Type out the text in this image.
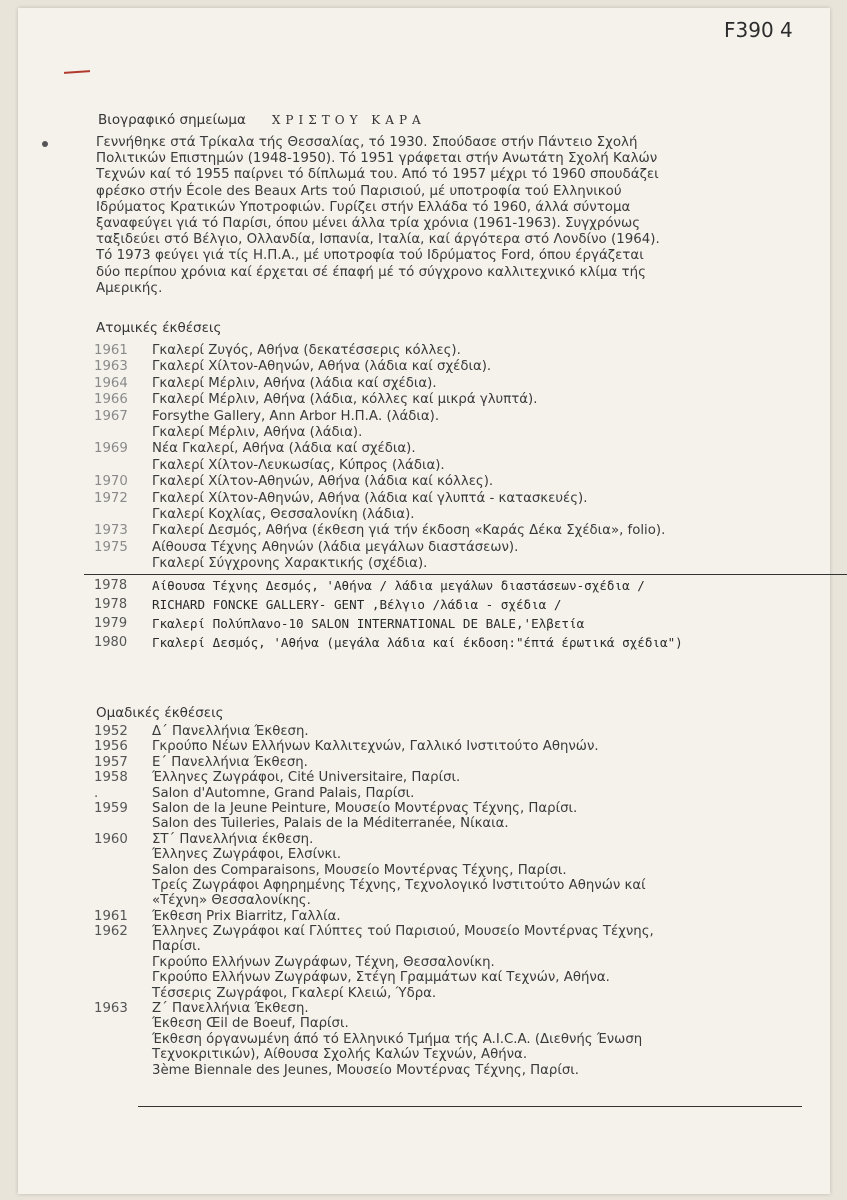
F390 4
Βιογραφικό σημείωμα ΧΡΙΣΤΟΥ ΚΑΡΑ
Γεννήθηκε στά Τρίκαλα τής Θεσσαλίας, τό 1930. Σπούδασε στήν Πάντειο Σχολή
Πολιτικών Επιστημών (1948-1950). Τό 1951 γράφεται στήν Ανωτάτη Σχολή Καλών
Τεχνών καί τό 1955 παίρνει τό δίπλωμά του. Από τό 1957 μέχρι τό 1960 σπουδάζει
φρέσκο στήν École des Beaux Arts τού Παρισιού, μέ υποτροφία τού Ελληνικού
Ιδρύματος Κρατικών Υποτροφιών. Γυρίζει στήν Ελλάδα τό 1960, άλλά σύντομα
ξαναφεύγει γιά τό Παρίσι, όπου μένει άλλα τρία χρόνια (1961-1963). Συγχρόνως
ταξιδεύει στό Βέλγιο, Ολλανδία, Ισπανία, Ιταλία, καί άργότερα στό Λονδίνο (1964).
Τό 1973 φεύγει γιά τίς Η.Π.Α., μέ υποτροφία τού Ιδρύματος Ford, όπου έργάζεται
δύο περίπου χρόνια καί έρχεται σέ έπαφή μέ τό σύγχρονο καλλιτεχνικό κλίμα τής
Αμερικής.
Ατομικές έκθέσεις
1961	Γκαλερί Ζυγός, Αθήνα (δεκατέσσερις κόλλες).
1963	Γκαλερί Χίλτον-Αθηνών, Αθήνα (λάδια καί σχέδια).
1964	Γκαλερί Μέρλιν, Αθήνα (λάδια καί σχέδια).
1966	Γκαλερί Μέρλιν, Αθήνα (λάδια, κόλλες καί μικρά γλυπτά).
1967	Forsythe Gallery, Ann Arbor Η.Π.Α. (λάδια).
Γκαλερί Μέρλιν, Αθήνα (λάδια).
1969	Νέα Γκαλερί, Αθήνα (λάδια καί σχέδια).
Γκαλερί Χίλτον-Λευκωσίας, Κύπρος (λάδια).
1970	Γκαλερί Χίλτον-Αθηνών, Αθήνα (λάδια καί κόλλες).
1972	Γκαλερί Χίλτον-Αθηνών, Αθήνα (λάδια καί γλυπτά - κατασκευές).
Γκαλερί Κοχλίας, Θεσσαλονίκη (λάδια).
1973	Γκαλερί Δεσμός, Αθήνα (έκθεση γιά τήν έκδοση «Καράς Δέκα Σχέδια», folio).
1975	Αίθουσα Τέχνης Αθηνών (λάδια μεγάλων διαστάσεων).
Γκαλερί Σύγχρονης Χαρακτικής (σχέδια).
1978	Αίθουσα Τέχνης Δεσμός, 'Αθήνα / λάδια μεγάλων διαστάσεων-σχέδια /
1978	RICHARD FONCKE GALLERY- GENT ,Βέλγιο /λάδια - σχέδια /
1979	Γκαλερί Πολύπλανο-10 SALON INTERNATIONAL DE BALE,'Ελβετία
1980	Γκαλερί Δεσμός, 'Αθήνα (μεγάλα λάδια καί έκδοση:"έπτά έρωτικά σχέδια")
Ομαδικές έκθέσεις
1952	Δ΄ Πανελλήνια Έκθεση.
1956	Γκρούπο Νέων Ελλήνων Καλλιτεχνών, Γαλλικό Ινστιτούτο Αθηνών.
1957	Ε΄ Πανελλήνια Έκθεση.
1958	Έλληνες Ζωγράφοι, Cité Universitaire, Παρίσι.
.	Salon d'Automne, Grand Palais, Παρίσι.
1959	Salon de la Jeune Peinture, Μουσείο Μοντέρνας Τέχνης, Παρίσι.
Salon des Tuileries, Palais de la Méditerranée, Νίκαια.
1960	ΣΤ΄ Πανελλήνια έκθεση.
Έλληνες Ζωγράφοι, Ελσίνκι.
Salon des Comparaisons, Μουσείο Μοντέρνας Τέχνης, Παρίσι.
Τρείς Ζωγράφοι Αφηρημένης Τέχνης, Τεχνολογικό Ινστιτούτο Αθηνών καί
«Τέχνη» Θεσσαλονίκης.
1961	Έκθεση Prix Biarritz, Γαλλία.
1962	Έλληνες Ζωγράφοι καί Γλύπτες τού Παρισιού, Μουσείο Μοντέρνας Τέχνης,
Παρίσι.
Γκρούπο Ελλήνων Ζωγράφων, Τέχνη, Θεσσαλονίκη.
Γκρούπο Ελλήνων Ζωγράφων, Στέγη Γραμμάτων καί Τεχνών, Αθήνα.
Τέσσερις Ζωγράφοι, Γκαλερί Κλειώ, Ύδρα.
1963	Ζ΄ Πανελλήνια Έκθεση.
Έκθεση Œil de Boeuf, Παρίσι.
Έκθεση όργανωμένη άπό τό Ελληνικό Τμήμα τής A.I.C.A. (Διεθνής Ένωση
Τεχνοκριτικών), Αίθουσα Σχολής Καλών Τεχνών, Αθήνα.
3ème Biennale des Jeunes, Μουσείο Μοντέρνας Τέχνης, Παρίσι.
